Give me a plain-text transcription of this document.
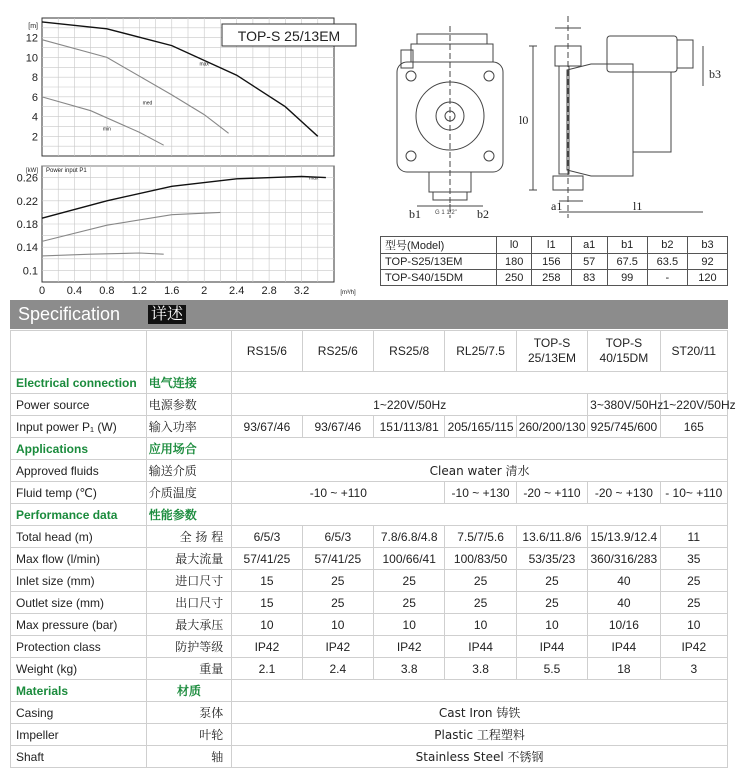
2
4
6
8
10
12
[m]
0.1
0.14
0.18
0.22
0.26
0 0.4 0.8 1.2 1.6 2 2.4 2.8 3.2
[kW] Power input P1
[m³/h]
TOP-S 25/13EM
max
med
min
max
l0
l1
a1
b1	b2
b3
G 1 1/2"
型号(Model)	l0	l1	a1	b1	b2	b3
TOP-S25/13EM	180	156	57	67.5	63.5	92
TOP-S40/15DM	250	258	83	99	-	120
Specification 详述
		RS15/6	RS25/6	RS25/8	RL25/7.5	TOP-S 25/13EM	TOP-S 40/15DM	ST20/11
Electrical connection	电气连接							
Power source	电源参数	1~220V/50Hz					3~380V/50Hz	1~220V/50Hz
Input power P₁ (W)	输入功率	93/67/46	93/67/46	151/113/81	205/165/115	260/200/130	925/745/600	165
Applications	应用场合							
Approved fluids	输送介质	Clean water 清水						
Fluid temp (℃)	介质温度	-10 ~ +110			-10 ~ +130	-20 ~ +110	-20 ~ +130	- 10~ +110
Performance data	性能参数							
Total head (m)	全 扬 程	6/5/3	6/5/3	7.8/6.8/4.8	7.5/7/5.6	13.6/11.8/6	15/13.9/12.4	11
Max flow (l/min)	最大流量	57/41/25	57/41/25	100/66/41	100/83/50	53/35/23	360/316/283	35
Inlet size (mm)	进口尺寸	15	25	25	25	25	40	25
Outlet size (mm)	出口尺寸	15	25	25	25	25	40	25
Max pressure (bar)	最大承压	10	10	10	10	10	10/16	10
Protection class	防护等级	IP42	IP42	IP42	IP44	IP44	IP44	IP42
Weight (kg)	重量	2.1	2.4	3.8	3.8	5.5	18	3
Materials	材质							
Casing	泵体	Cast Iron 铸铁						
Impeller	叶轮	Plastic 工程塑料						
Shaft	轴	Stainless Steel 不锈钢						
